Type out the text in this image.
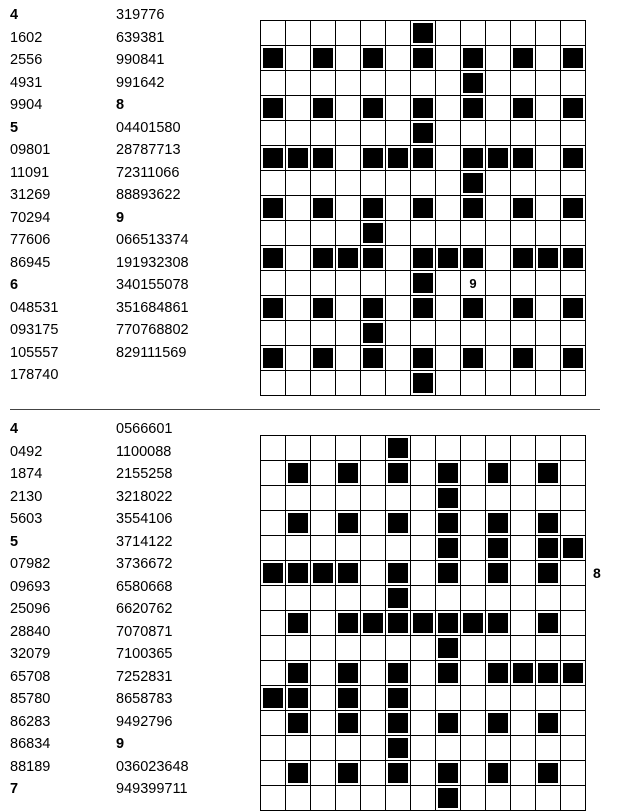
4
1602
2556
4931
9904
5
09801
11091
31269
70294
77606
86945
6
048531
093175
105557
178740
319776
639381
990841
991642
8
04401580
28787713
72311066
88893622
9
066513374
191932308
340155078
351684861
770768802
829111569
9
4
0492
1874
2130
5603
5
07982
09693
25096
28840
32079
65708
85780
86283
86834
88189
7
0566601
1100088
2155258
3218022
3554106
3714122
3736672
6580668
6620762
7070871
7100365
7252831
8658783
9492796
9
036023648
949399711
8
